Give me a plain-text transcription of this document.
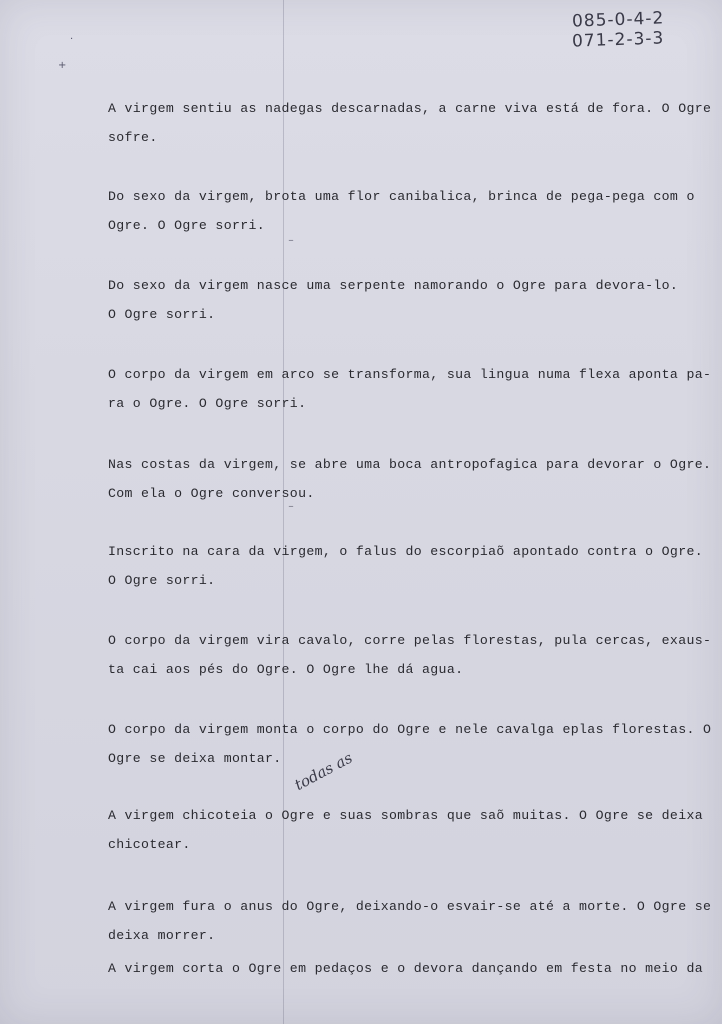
085-0-4-2
071-2-3-3
·
+
–
–
A virgem sentiu as nadegas descarnadas, a carne viva está de fora. O Ogre
sofre.
Do sexo da virgem, brota uma flor canibalica, brinca de pega-pega com o
Ogre. O Ogre sorri.
Do sexo da virgem nasce uma serpente namorando o Ogre para devora-lo.
O Ogre sorri.
O corpo da virgem em arco se transforma, sua lingua numa flexa aponta pa-
ra o Ogre. O Ogre sorri.
Nas costas da virgem, se abre uma boca antropofagica para devorar o Ogre.
Com ela o Ogre conversou.
Inscrito na cara da virgem, o falus do escorpiaõ apontado contra o Ogre.
O Ogre sorri.
O corpo da virgem vira cavalo, corre pelas florestas, pula cercas, exaus-
ta cai aos pés do Ogre. O Ogre lhe dá agua.
O corpo da virgem monta o corpo do Ogre e nele cavalga eplas florestas. O
Ogre se deixa montar. todas as
A virgem chicoteia o Ogre e suas sombras que saõ muitas. O Ogre se deixa
chicotear.
A virgem fura o anus do Ogre, deixando-o esvair-se até a morte. O Ogre se
deixa morrer.
A virgem corta o Ogre em pedaços e o devora dançando em festa no meio da
